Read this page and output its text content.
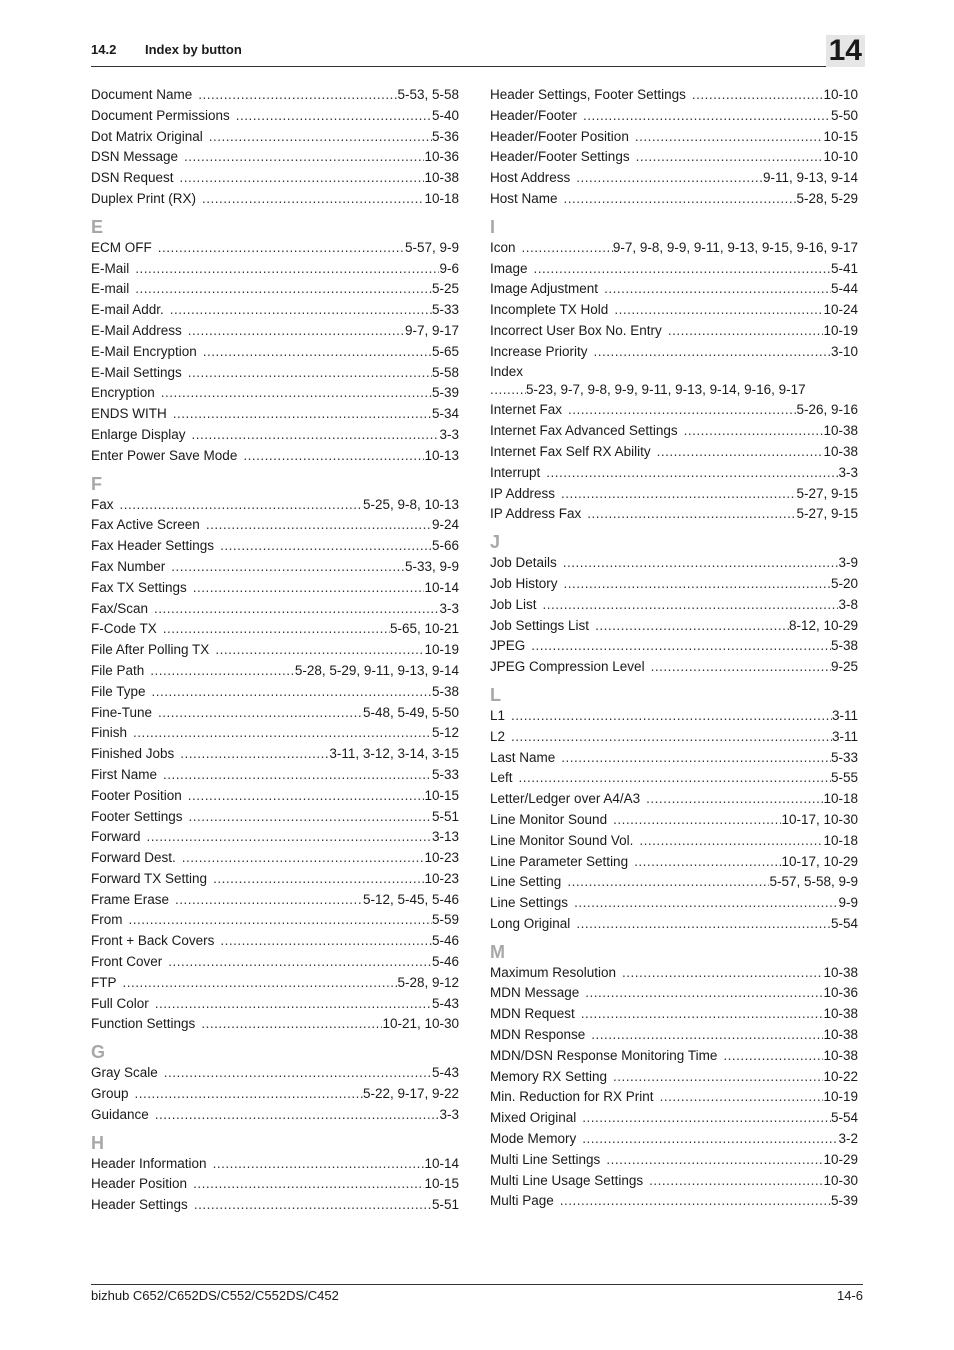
14.2 Index by button	14
Document Name .....	5-53, 5-58
Document Permissions .....	5-40
Dot Matrix Original .....	5-36
DSN Message .....	10-36
DSN Request .....	10-38
Duplex Print (RX) .....	10-18
E
ECM OFF .....	5-57, 9-9
E-Mail .....	9-6
E-mail .....	5-25
E-mail Addr. .....	5-33
E-Mail Address .....	9-7, 9-17
E-Mail Encryption .....	5-65
E-Mail Settings .....	5-58
Encryption .....	5-39
ENDS WITH .....	5-34
Enlarge Display .....	3-3
Enter Power Save Mode .....	10-13
F
Fax .....	5-25, 9-8, 10-13
Fax Active Screen .....	9-24
Fax Header Settings .....	5-66
Fax Number .....	5-33, 9-9
Fax TX Settings .....	10-14
Fax/Scan .....	3-3
F-Code TX .....	5-65, 10-21
File After Polling TX .....	10-19
File Path .....	5-28, 5-29, 9-11, 9-13, 9-14
File Type .....	5-38
Fine-Tune .....	5-48, 5-49, 5-50
Finish .....	5-12
Finished Jobs .....	3-11, 3-12, 3-14, 3-15
First Name .....	5-33
Footer Position .....	10-15
Footer Settings .....	5-51
Forward .....	3-13
Forward Dest. .....	10-23
Forward TX Setting .....	10-23
Frame Erase .....	5-12, 5-45, 5-46
From .....	5-59
Front + Back Covers .....	5-46
Front Cover .....	5-46
FTP .....	5-28, 9-12
Full Color .....	5-43
Function Settings .....	10-21, 10-30
G
Gray Scale .....	5-43
Group .....	5-22, 9-17, 9-22
Guidance .....	3-3
H
Header Information .....	10-14
Header Position .....	10-15
Header Settings .....	5-51
Header Settings, Footer Settings .....	10-10
Header/Footer .....	5-50
Header/Footer Position .....	10-15
Header/Footer Settings .....	10-10
Host Address .....	9-11, 9-13, 9-14
Host Name .....	5-28, 5-29
I
Icon .....	9-7, 9-8, 9-9, 9-11, 9-13, 9-15, 9-16, 9-17
Image .....	5-41
Image Adjustment .....	5-44
Incomplete TX Hold .....	10-24
Incorrect User Box No. Entry .....	10-19
Increase Priority .....	3-10
Index
.....
5-23, 9-7, 9-8, 9-9, 9-11, 9-13, 9-14, 9-16, 9-17
Internet Fax .....	5-26, 9-16
Internet Fax Advanced Settings .....	10-38
Internet Fax Self RX Ability .....	10-38
Interrupt .....	3-3
IP Address .....	5-27, 9-15
IP Address Fax .....	5-27, 9-15
J
Job Details .....	3-9
Job History .....	5-20
Job List .....	3-8
Job Settings List .....	8-12, 10-29
JPEG .....	5-38
JPEG Compression Level .....	9-25
L
L1 .....	3-11
L2 .....	3-11
Last Name .....	5-33
Left .....	5-55
Letter/Ledger over A4/A3 .....	10-18
Line Monitor Sound .....	10-17, 10-30
Line Monitor Sound Vol. .....	10-18
Line Parameter Setting .....	10-17, 10-29
Line Setting .....	5-57, 5-58, 9-9
Line Settings .....	9-9
Long Original .....	5-54
M
Maximum Resolution .....	10-38
MDN Message .....	10-36
MDN Request .....	10-38
MDN Response .....	10-38
MDN/DSN Response Monitoring Time .....	10-38
Memory RX Setting .....	10-22
Min. Reduction for RX Print .....	10-19
Mixed Original .....	5-54
Mode Memory .....	3-2
Multi Line Settings .....	10-29
Multi Line Usage Settings .....	10-30
Multi Page .....	5-39
bizhub C652/C652DS/C552/C552DS/C452	14-6
